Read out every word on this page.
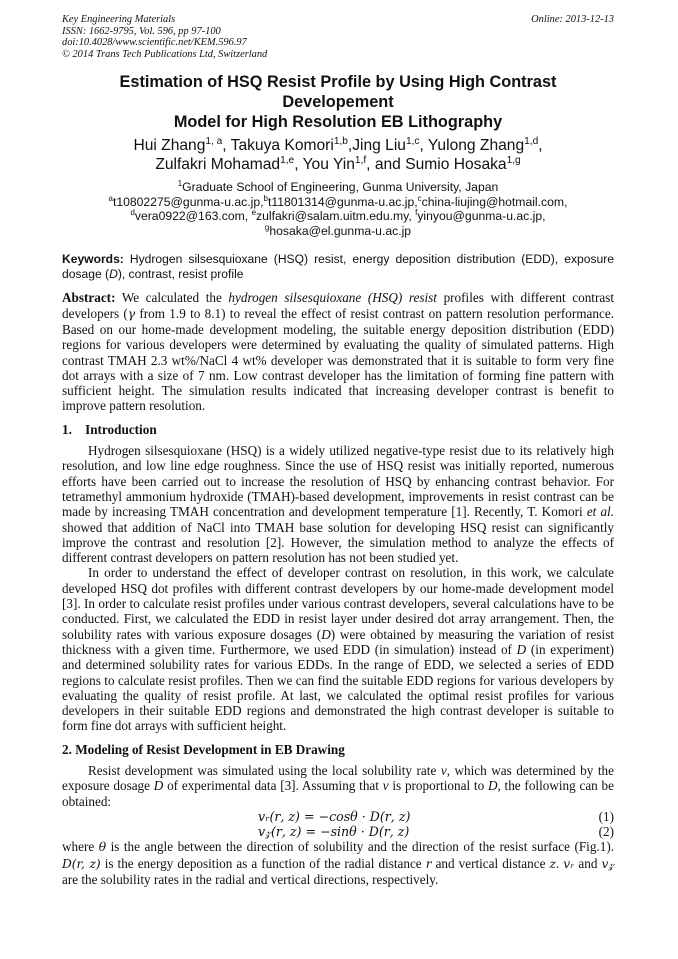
Key Engineering Materials
ISSN: 1662-9795, Vol. 596, pp 97-100
doi:10.4028/www.scientific.net/KEM.596.97
© 2014 Trans Tech Publications Ltd, Switzerland
Online: 2013-12-13
Estimation of HSQ Resist Profile by Using High Contrast Developement
Model for High Resolution EB Lithography
Hui Zhang$^{1, a}$, Takuya Komori$^{1,b}$,Jing Liu$^{1,c}$, Yulong Zhang$^{1,d}$,
Zulfakri Mohamad$^{1,e}$, You Yin$^{1,f}$, and Sumio Hosaka$^{1,g}$
$^1$Graduate School of Engineering, Gunma University, Japan
$^a$t10802275@gunma-u.ac.jp,$^b$t11801314@gunma-u.ac.jp,$^c$china-liujing@hotmail.com,
$^d$vera0922@163.com, $^e$zulfakri@salam.uitm.edu.my, $^f$yinyou@gunma-u.ac.jp,
$^g$hosaka@el.gunma-u.ac.jp
Keywords: Hydrogen silsesquioxane (HSQ) resist, energy deposition distribution (EDD), exposure dosage (D), contrast, resist profile
Abstract: We calculated the hydrogen silsesquioxane (HSQ) resist profiles with different contrast developers (γ from 1.9 to 8.1) to reveal the effect of resist contrast on pattern resolution performance. Based on our home-made development modeling, the suitable energy deposition distribution (EDD) regions for various developers were determined by evaluating the quality of simulated patterns. High contrast TMAH 2.3 wt%/NaCl 4 wt% developer was demonstrated that it is suitable to form very fine dot arrays with a size of 7 nm. Low contrast developer has the limitation of forming fine pattern with sufficient height. The simulation results indicated that increasing developer contrast is benefit to improve pattern resolution.
1.    Introduction
Hydrogen silsesquioxane (HSQ) is a widely utilized negative-type resist due to its relatively high resolution, and low line edge roughness. Since the use of HSQ resist was initially reported, numerous efforts have been carried out to increase the resolution of HSQ by enhancing contrast behavior. For tetramethyl ammonium hydroxide (TMAH)-based development, improvements in resist contrast can be made by increasing TMAH concentration and development temperature [1]. Recently, T. Komori et al. showed that addition of NaCl into TMAH base solution for developing HSQ resist can significantly improve the contrast and resolution [2]. However, the simulation method to analyze the effects of different contrast developers on pattern resolution has not been studied yet.
In order to understand the effect of developer contrast on resolution, in this work, we calculate developed HSQ dot profiles with different contrast developers by our home-made development model [3]. In order to calculate resist profiles under various contrast developers, several calculations have to be conducted. First, we calculated the EDD in resist layer under desired dot array arrangement. Then, the solubility rates with various exposure dosages (D) were obtained by measuring the variation of resist thickness with a given time. Furthermore, we used EDD (in simulation) instead of D (in experiment) and determined solubility rates for various EDDs. In the range of EDD, we selected a series of EDD regions to calculate resist profiles. Then we can find the suitable EDD regions for various developers by evaluating the quality of resist profile. At last, we calculated the optimal resist profiles for various developers in their suitable EDD regions and demonstrated the high contrast developer is suitable to form fine dot arrays with sufficient height.
2. Modeling of Resist Development in EB Drawing
Resist development was simulated using the local solubility rate v, which was determined by the exposure dosage D of experimental data [3]. Assuming that v is proportional to D, the following can be obtained:
𝑣ᵣ(𝑟, 𝑧) = −𝑐𝑜𝑠𝜃 · 𝐷(𝑟, 𝑧)	(1)
𝑣𝓏(𝑟, 𝑧) = −𝑠𝑖𝑛𝜃 · 𝐷(𝑟, 𝑧)	(2)
where θ is the angle between the direction of solubility and the direction of the resist surface (Fig.1). D(r, z) is the energy deposition as a function of the radial distance r and vertical distance z. vᵣ and v𝓏 are the solubility rates in the radial and vertical directions, respectively.
